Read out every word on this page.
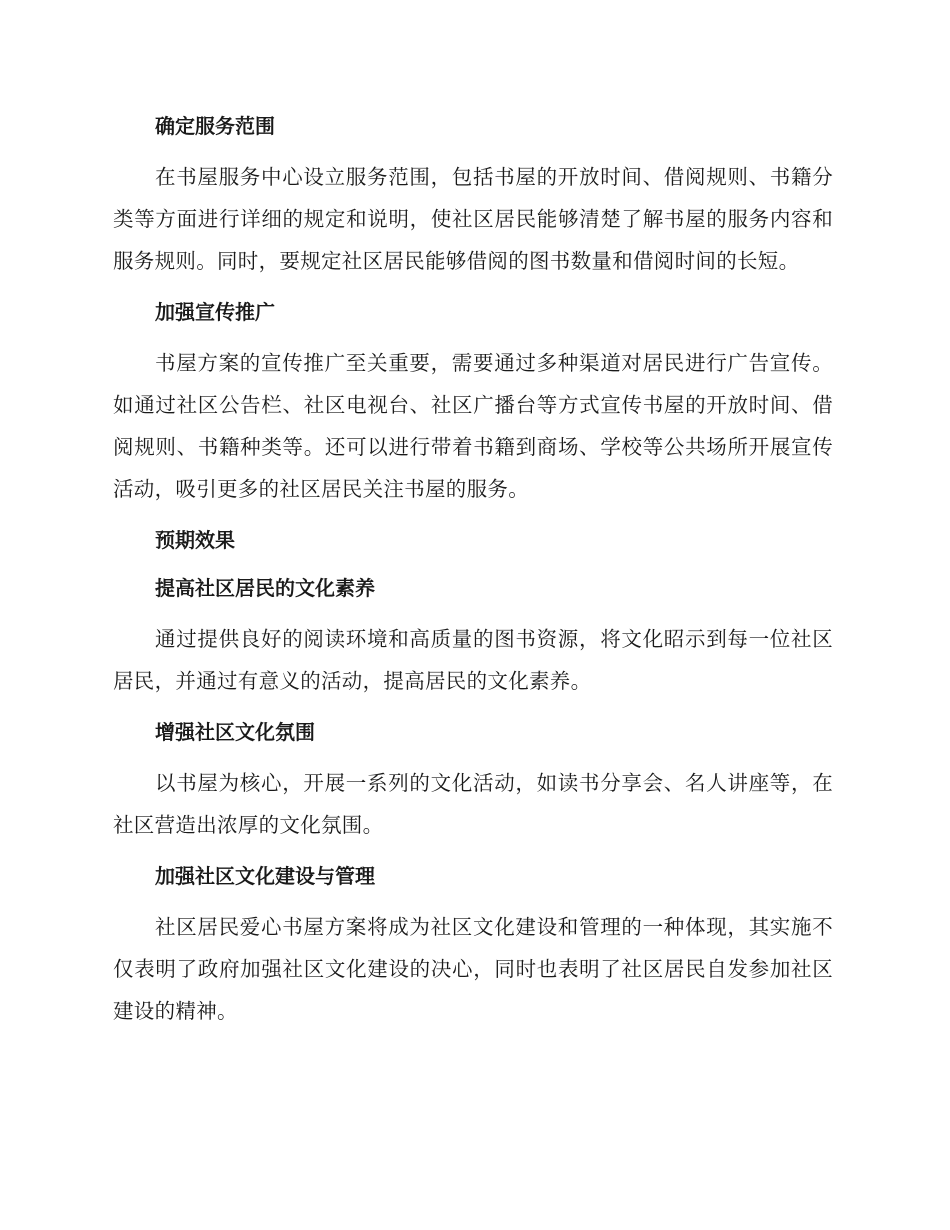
确定服务范围

在书屋服务中心设立服务范围，包括书屋的开放时间、借阅规则、书籍分类等方面进行详细的规定和说明，使社区居民能够清楚了解书屋的服务内容和服务规则。同时，要规定社区居民能够借阅的图书数量和借阅时间的长短。

加强宣传推广

书屋方案的宣传推广至关重要，需要通过多种渠道对居民进行广告宣传。如通过社区公告栏、社区电视台、社区广播台等方式宣传书屋的开放时间、借阅规则、书籍种类等。还可以进行带着书籍到商场、学校等公共场所开展宣传活动，吸引更多的社区居民关注书屋的服务。

预期效果
提高社区居民的文化素养

通过提供良好的阅读环境和高质量的图书资源，将文化昭示到每一位社区居民，并通过有意义的活动，提高居民的文化素养。

增强社区文化氛围

以书屋为核心，开展一系列的文化活动，如读书分享会、名人讲座等，在社区营造出浓厚的文化氛围。

加强社区文化建设与管理

社区居民爱心书屋方案将成为社区文化建设和管理的一种体现，其实施不仅表明了政府加强社区文化建设的决心，同时也表明了社区居民自发参加社区建设的精神。
